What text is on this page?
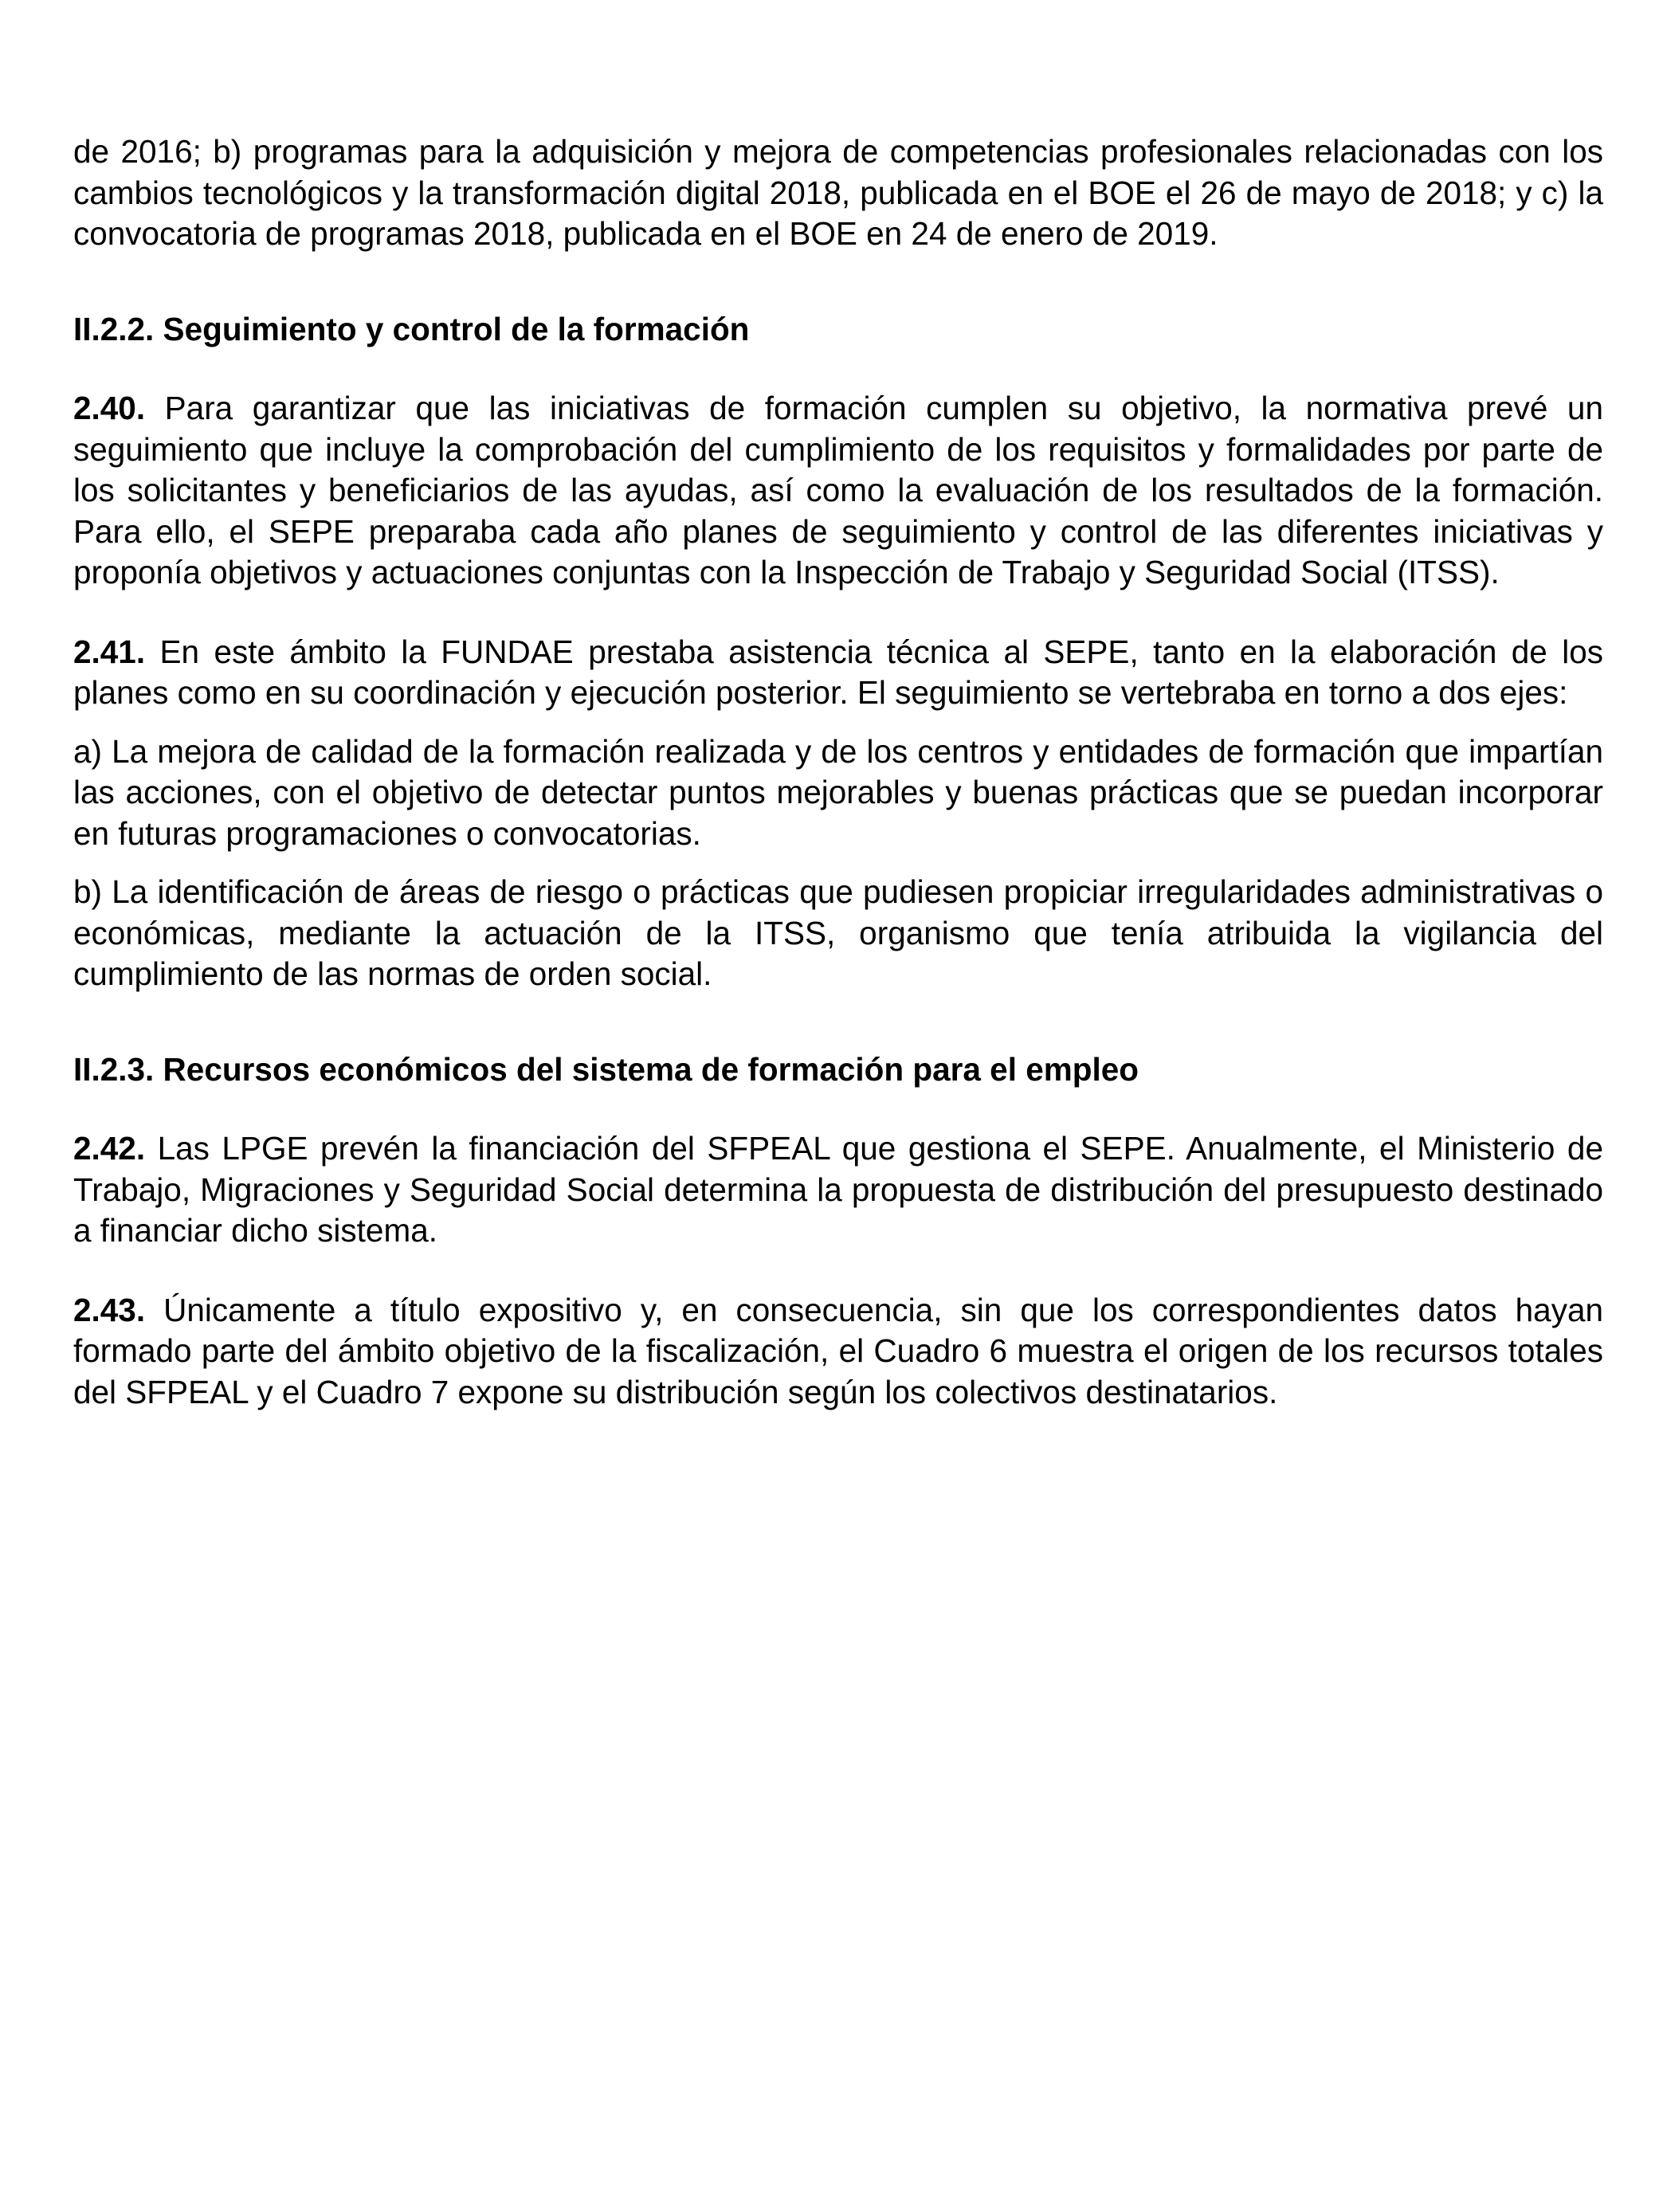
de 2016; b) programas para la adquisición y mejora de competencias profesionales relacionadas con los cambios tecnológicos y la transformación digital 2018, publicada en el BOE el 26 de mayo de 2018; y c) la convocatoria de programas 2018, publicada en el BOE en 24 de enero de 2019.

II.2.2. Seguimiento y control de la formación

2.40. Para garantizar que las iniciativas de formación cumplen su objetivo, la normativa prevé un seguimiento que incluye la comprobación del cumplimiento de los requisitos y formalidades por parte de los solicitantes y beneficiarios de las ayudas, así como la evaluación de los resultados de la formación. Para ello, el SEPE preparaba cada año planes de seguimiento y control de las diferentes iniciativas y proponía objetivos y actuaciones conjuntas con la Inspección de Trabajo y Seguridad Social (ITSS).

2.41. En este ámbito la FUNDAE prestaba asistencia técnica al SEPE, tanto en la elaboración de los planes como en su coordinación y ejecución posterior. El seguimiento se vertebraba en torno a dos ejes:

a) La mejora de calidad de la formación realizada y de los centros y entidades de formación que impartían las acciones, con el objetivo de detectar puntos mejorables y buenas prácticas que se puedan incorporar en futuras programaciones o convocatorias.

b) La identificación de áreas de riesgo o prácticas que pudiesen propiciar irregularidades administrativas o económicas, mediante la actuación de la ITSS, organismo que tenía atribuida la vigilancia del cumplimiento de las normas de orden social.

II.2.3. Recursos económicos del sistema de formación para el empleo

2.42. Las LPGE prevén la financiación del SFPEAL que gestiona el SEPE. Anualmente, el Ministerio de Trabajo, Migraciones y Seguridad Social determina la propuesta de distribución del presupuesto destinado a financiar dicho sistema.

2.43. Únicamente a título expositivo y, en consecuencia, sin que los correspondientes datos hayan formado parte del ámbito objetivo de la fiscalización, el Cuadro 6 muestra el origen de los recursos totales del SFPEAL y el Cuadro 7 expone su distribución según los colectivos destinatarios.
